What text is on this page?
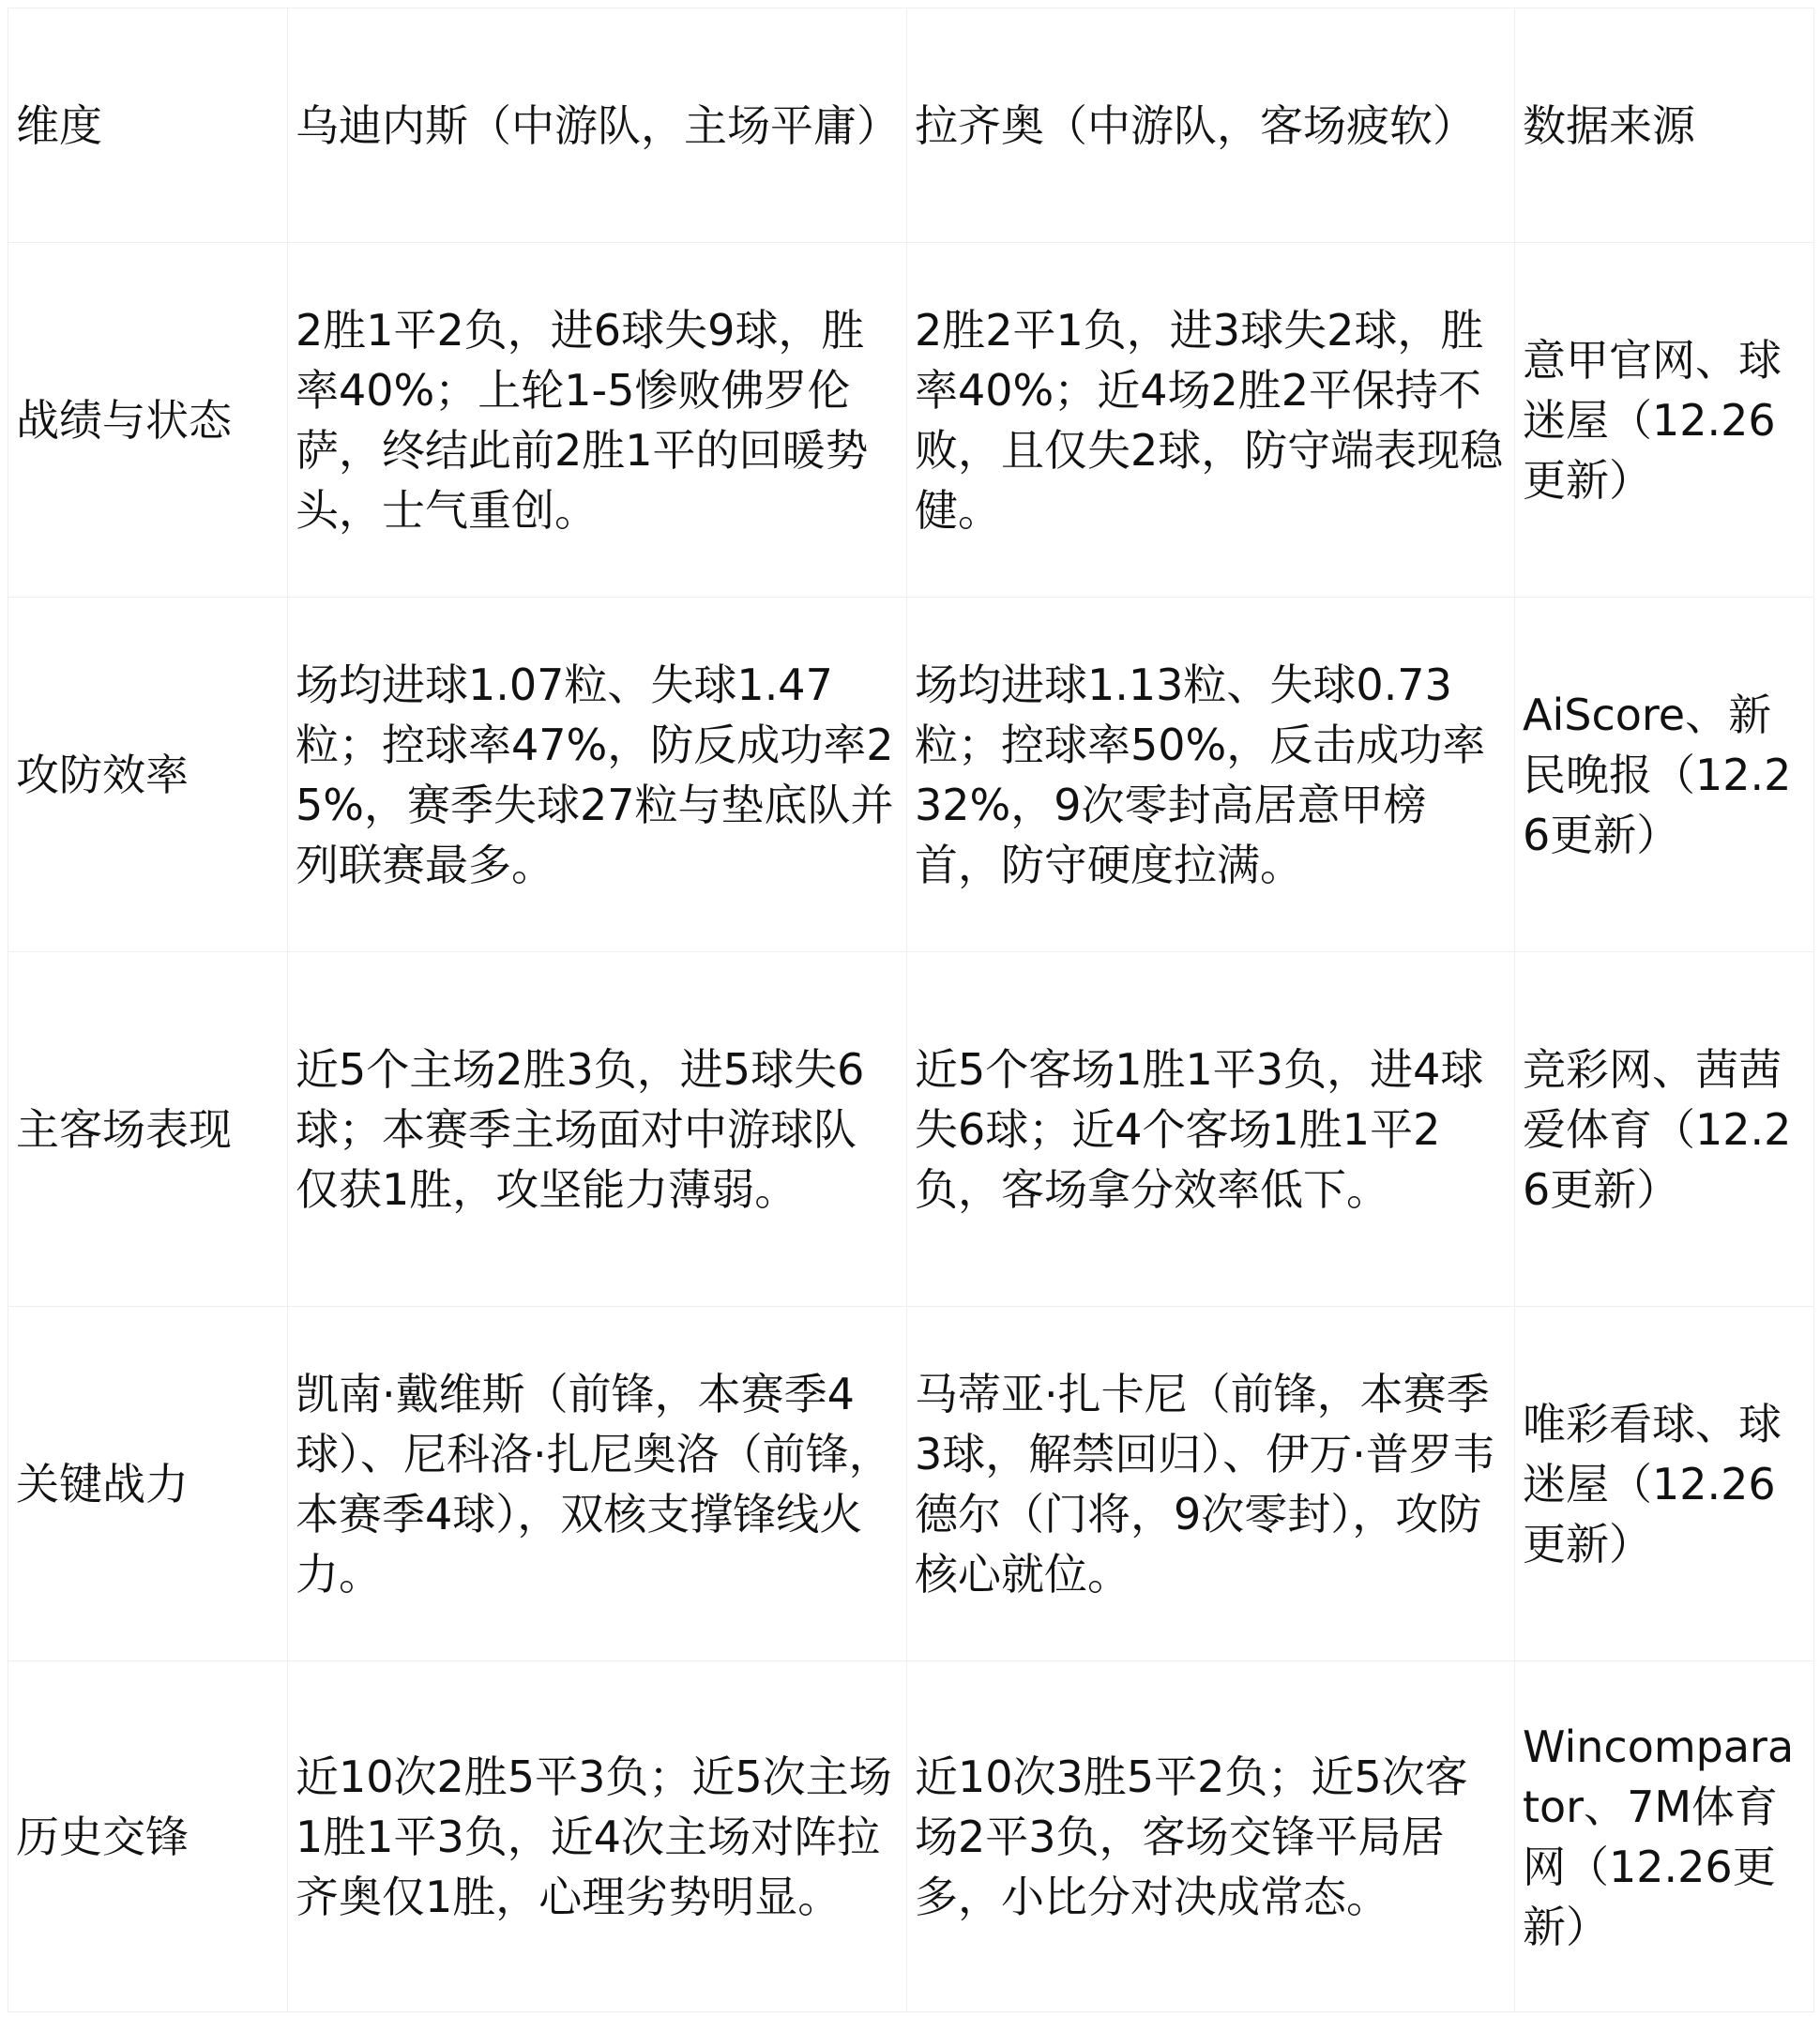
维度	乌迪内斯（中游队，主场平庸）	拉齐奥（中游队，客场疲软）	数据来源
战绩与状态	2胜1平2负，进6球失9球，胜率40%；上轮1-5惨败佛罗伦萨，终结此前2胜1平的回暖势头，士气重创。	2胜2平1负，进3球失2球，胜率40%；近4场2胜2平保持不败，且仅失2球，防守端表现稳健。	意甲官网、球迷屋（12.26更新）
攻防效率	场均进球1.07粒、失球1.47粒；控球率47%，防反成功率25%，赛季失球27粒与垫底队并列联赛最多。	场均进球1.13粒、失球0.73粒；控球率50%，反击成功率32%，9次零封高居意甲榜首，防守硬度拉满。	AiScore、新民晚报（12.26更新）
主客场表现	近5个主场2胜3负，进5球失6球；本赛季主场面对中游球队仅获1胜，攻坚能力薄弱。	近5个客场1胜1平3负，进4球失6球；近4个客场1胜1平2负，客场拿分效率低下。	竞彩网、茜茜爱体育（12.26更新）
关键战力	凯南·戴维斯（前锋，本赛季4球）、尼科洛·扎尼奥洛（前锋，本赛季4球），双核支撑锋线火力。	马蒂亚·扎卡尼（前锋，本赛季3球，解禁回归）、伊万·普罗韦德尔（门将，9次零封），攻防核心就位。	唯彩看球、球迷屋（12.26更新）
历史交锋	近10次2胜5平3负；近5次主场1胜1平3负，近4次主场对阵拉齐奥仅1胜，心理劣势明显。	近10次3胜5平2负；近5次客场2平3负，客场交锋平局居多，小比分对决成常态。	Wincomparator、7M体育网（12.26更新）
